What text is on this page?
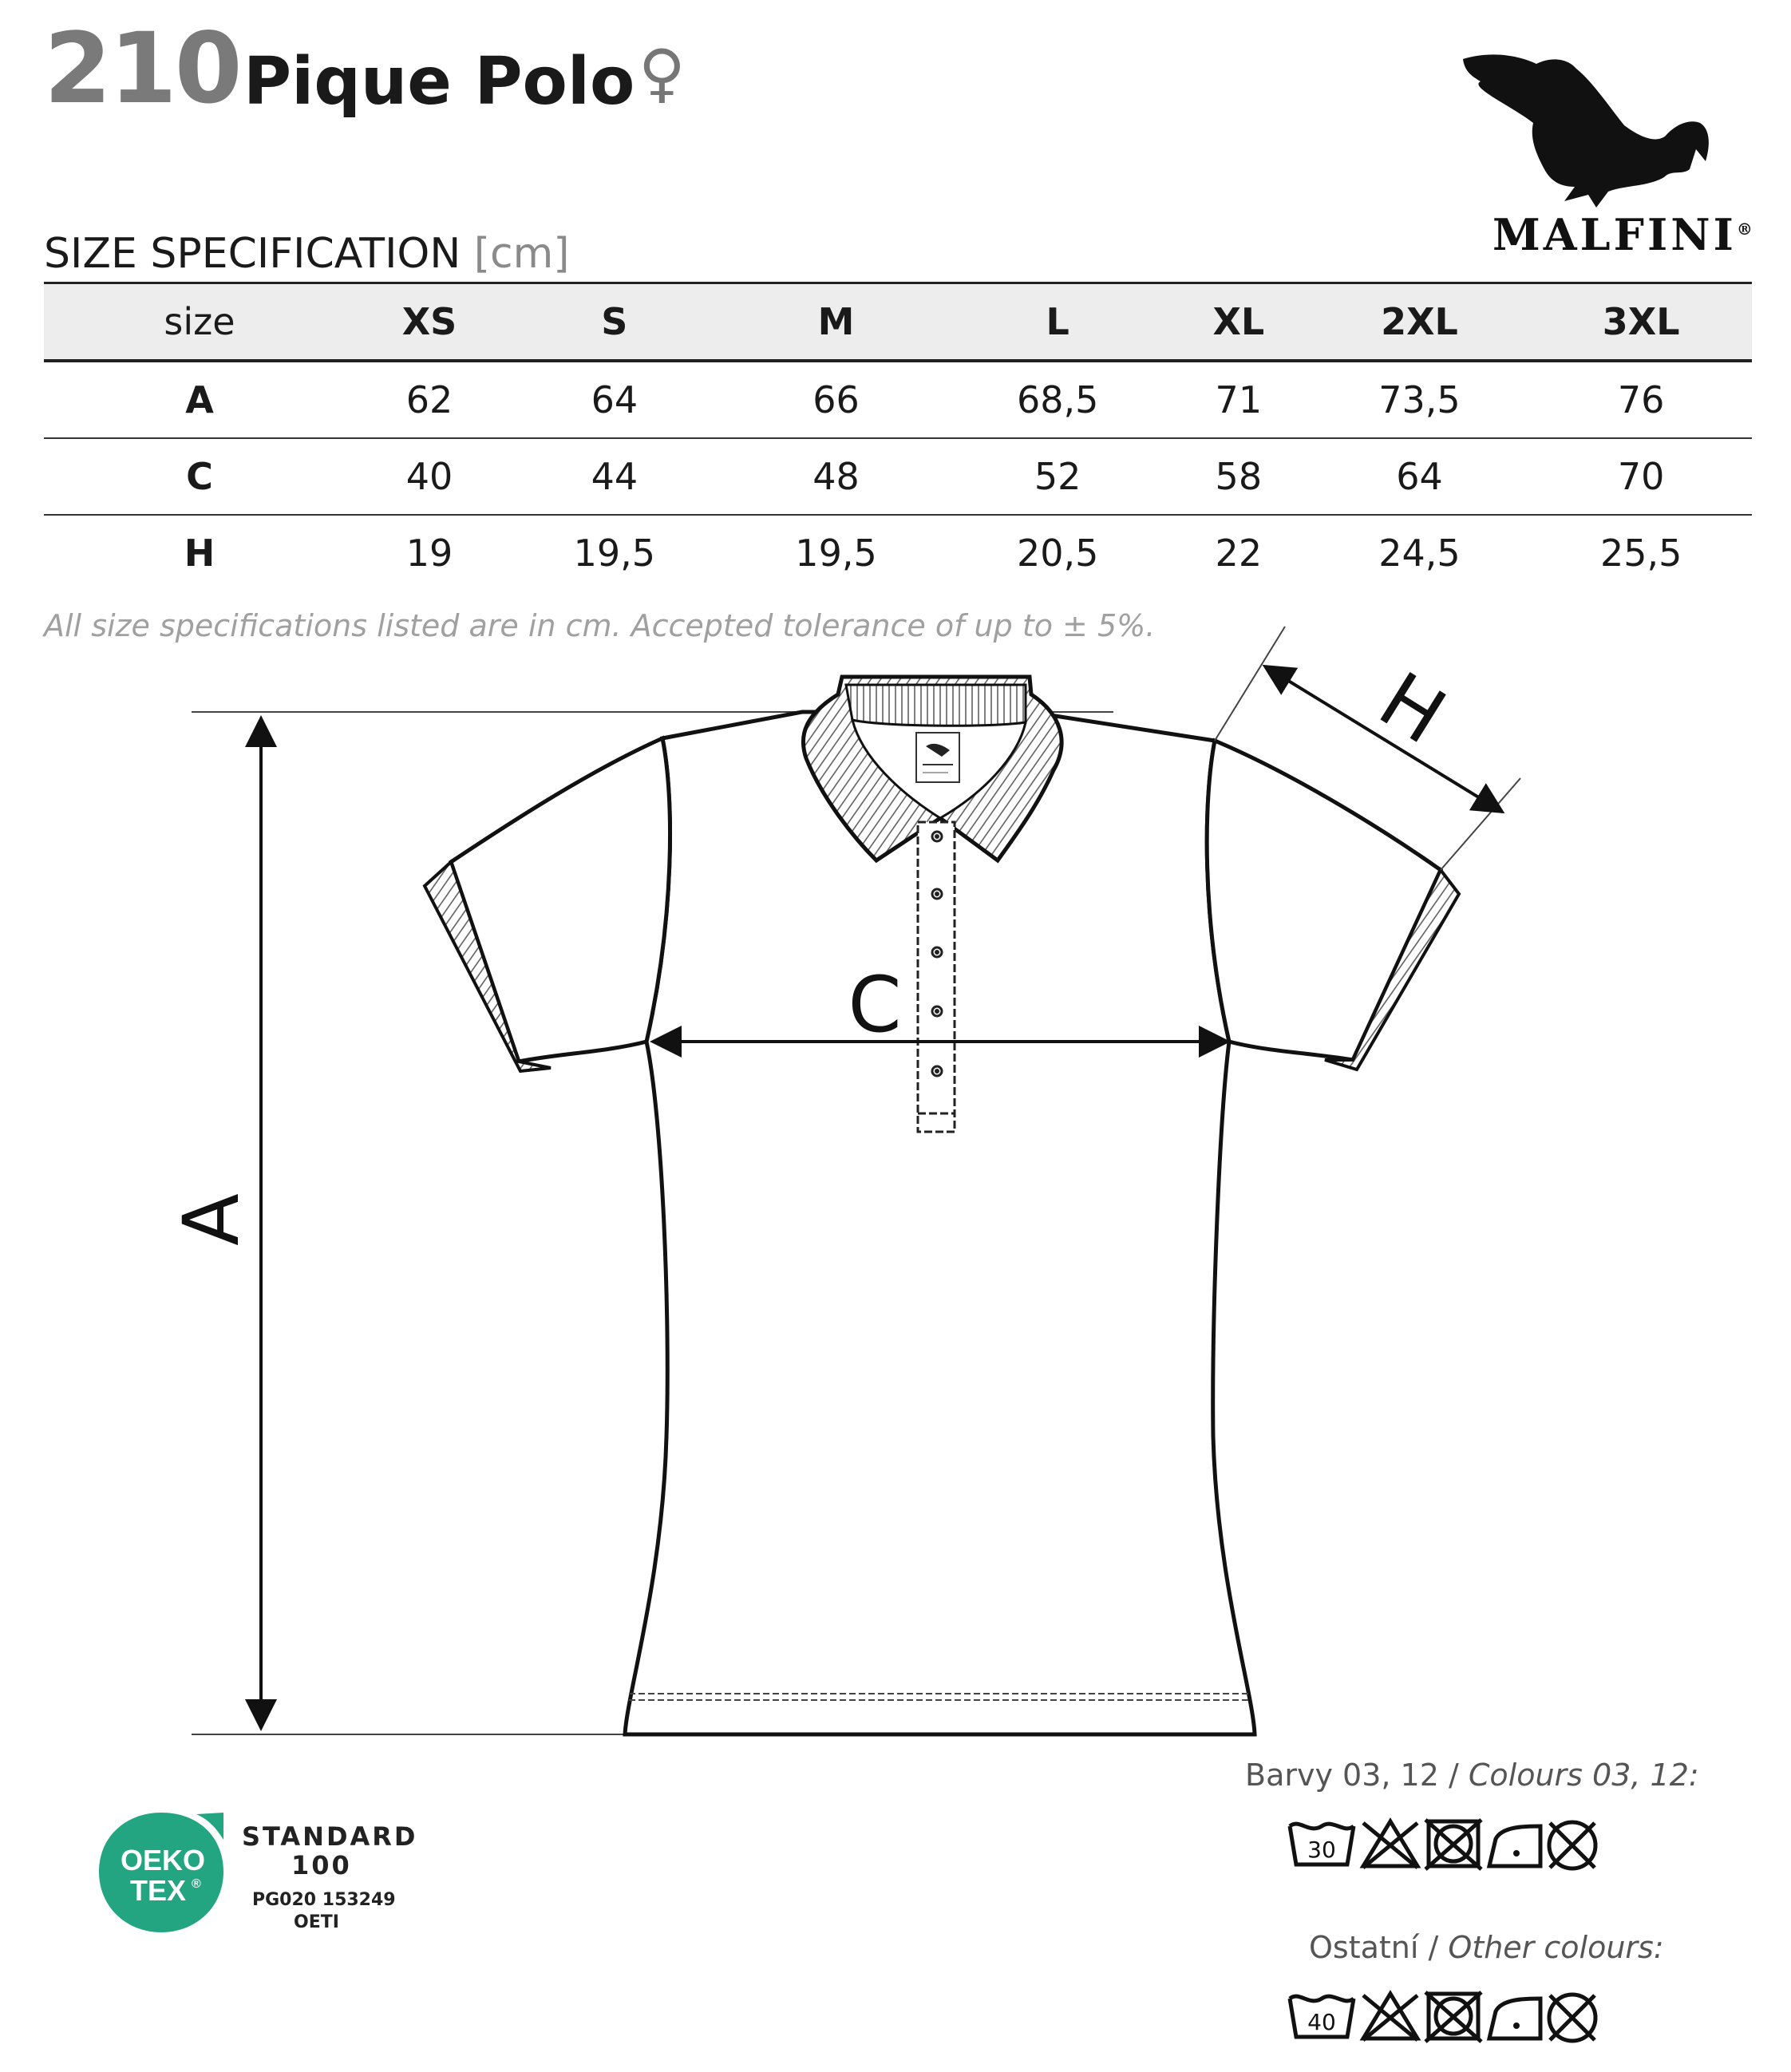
210 Pique Polo ♀
MALFINI®
SIZE SPECIFICATION [cm]
size	XS	S	M	L	XL	2XL	3XL
A	62	64	66	68,5	71	73,5	76
C	40	44	48	52	58	64	70
H	19	19,5	19,5	20,5	22	24,5	25,5
All size specifications listed are in cm. Accepted tolerance of up to ± 5%.
A
C
H
OEKO
TEX ®
STANDARD
100
PG020 153249
OETI
Barvy 03, 12 / Colours 03, 12:
30
Ostatní / Other colours:
40
